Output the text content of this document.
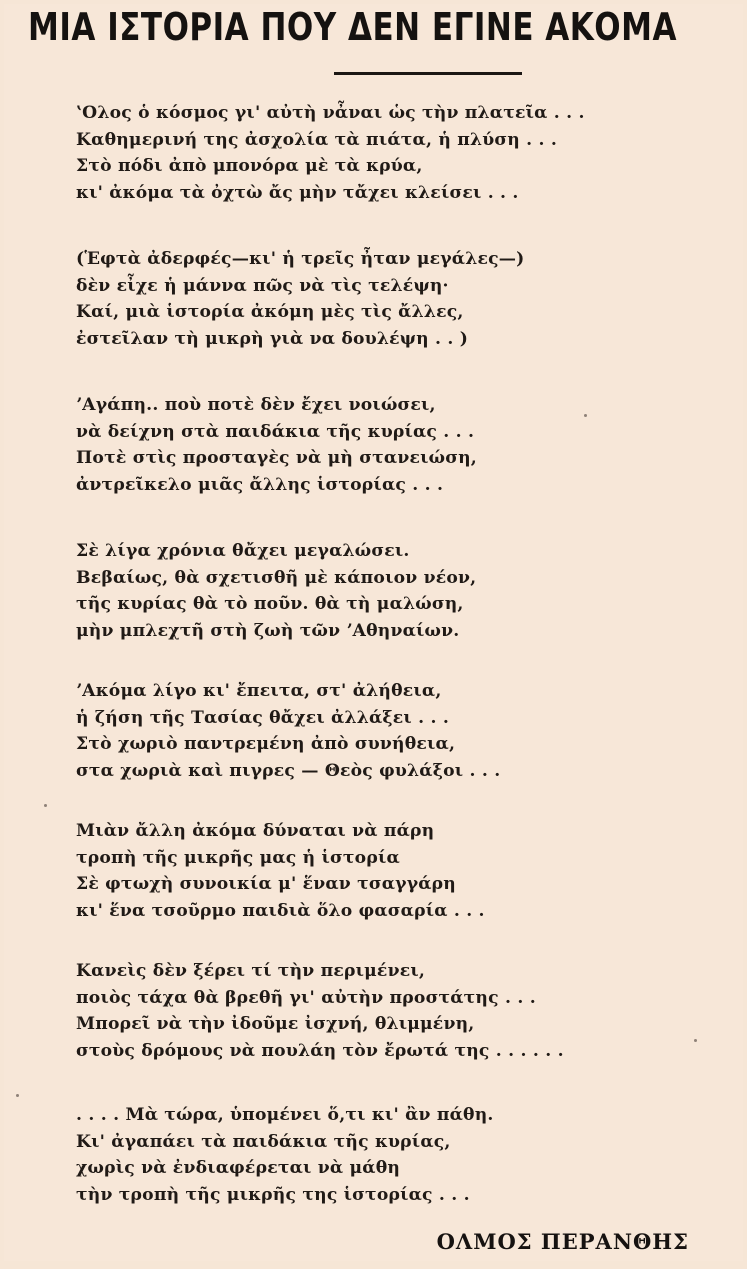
ΜΙΑ ΙΣΤΟΡΙΑ ΠΟΥ ΔΕΝ ΕΓΙΝΕ ΑΚΟΜΑ
ʽΟλος ὁ κόσμος γι' αὐτὴ νἆναι ὡς τὴν πλατεῖα . . .
Καθημερινή της ἀσχολία τὰ πιάτα, ἡ πλύση . . .
Στὸ πόδι ἀπὸ μπονόρα μὲ τὰ κρύα,
κι' ἀκόμα τὰ ὀχτὼ ἄς μὴν τἄχει κλείσει . . .
(Ἑφτὰ ἀδερφές—κι' ἡ τρεῖς ἦταν μεγάλες—)
δὲν εἶχε ἡ μάννα πῶς νὰ τὶς τελέψη·
Καί, μιὰ ἱστορία ἀκόμη μὲς τὶς ἄλλες,
ἐστεῖλαν τὴ μικρὴ γιὰ να δουλέψη . . )
ʼΑγάπη.. ποὺ ποτὲ δὲν ἔχει νοιώσει,
νὰ δείχνη στὰ παιδάκια τῆς κυρίας . . .
Ποτὲ στὶς προσταγὲς νὰ μὴ στανειώση,
ἀντρεῖκελο μιᾶς ἄλλης ἱστορίας . . .
Σὲ λίγα χρόνια θἄχει μεγαλώσει.
Βεβαίως, θὰ σχετισθῆ μὲ κάποιον νέον,
τῆς κυρίας θὰ τὸ ποῦν. θὰ τὴ μαλώση,
μὴν μπλεχτῆ στὴ ζωὴ τῶν ʼΑθηναίων.
ʼΑκόμα λίγο κι' ἔπειτα, στ' ἀλήθεια,
ἡ ζήση τῆς Τασίας θἄχει ἀλλάξει . . .
Στὸ χωριὸ παντρεμένη ἀπὸ συνήθεια,
στα χωριὰ καὶ πιγρες — Θεὸς φυλάξοι . . .
Μιὰν ἄλλη ἀκόμα δύναται νὰ πάρη
τροπὴ τῆς μικρῆς μας ἡ ἱστορία
Σὲ φτωχὴ συνοικία μ' ἕναν τσαγγάρη
κι' ἕνα τσοῦρμο παιδιὰ ὅλο φασαρία . . .
Κανεὶς δὲν ξέρει τί τὴν περιμένει,
ποιὸς τάχα θὰ βρεθῆ γι' αὐτὴν προστάτης . . .
Μπορεῖ νὰ τὴν ἰδοῦμε ἰσχνή, θλιμμένη,
στοὺς δρόμους νὰ πουλάη τὸν ἔρωτά της . . . . . .
. . . . Μὰ τώρα, ὑπομένει ὅ,τι κι' ἂν πάθη.
Κι' ἀγαπάει τὰ παιδάκια τῆς κυρίας,
χωρὶς νὰ ἐνδιαφέρεται νὰ μάθη
τὴν τροπὴ τῆς μικρῆς της ἱστορίας . . .
ΟΛΜΟΣ ΠΕΡΑΝΘΗΣ
